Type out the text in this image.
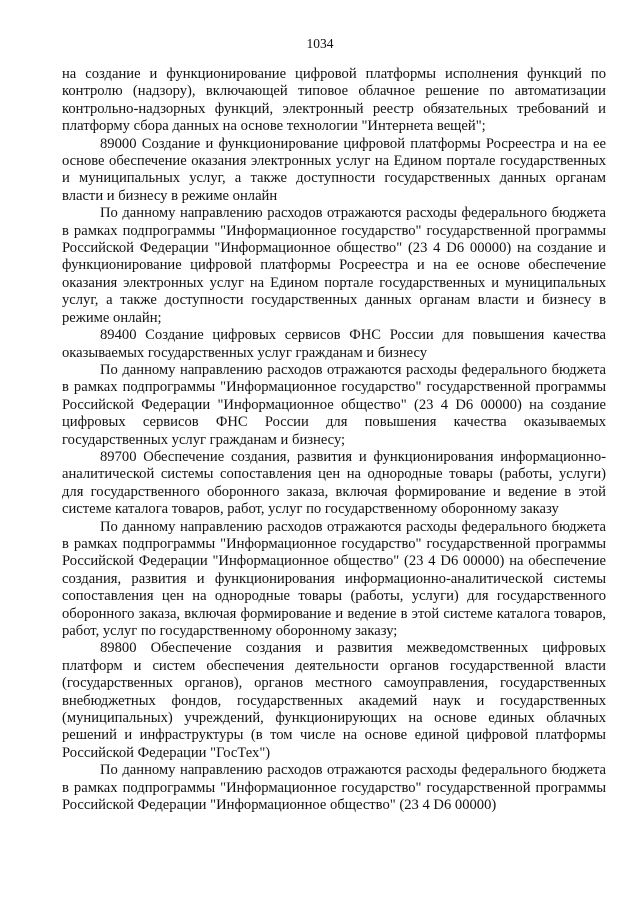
1034

на создание и функционирование цифровой платформы исполнения функций по контролю (надзору), включающей типовое облачное решение по автоматизации контрольно-надзорных функций, электронный реестр обязательных требований и платформу сбора данных на основе технологии "Интернета вещей";

89000 Создание и функционирование цифровой платформы Росреестра и на ее основе обеспечение оказания электронных услуг на Едином портале государственных и муниципальных услуг, а также доступности государственных данных органам власти и бизнесу в режиме онлайн

По данному направлению расходов отражаются расходы федерального бюджета в рамках подпрограммы "Информационное государство" государственной программы Российской Федерации "Информационное общество" (23 4 D6 00000) на создание и функционирование цифровой платформы Росреестра и на ее основе обеспечение оказания электронных услуг на Едином портале государственных и муниципальных услуг, а также доступности государственных данных органам власти и бизнесу в режиме онлайн;

89400 Создание цифровых сервисов ФНС России для повышения качества оказываемых государственных услуг гражданам и бизнесу

По данному направлению расходов отражаются расходы федерального бюджета в рамках подпрограммы "Информационное государство" государственной программы Российской Федерации "Информационное общество" (23 4 D6 00000) на создание цифровых сервисов ФНС России для повышения качества оказываемых государственных услуг гражданам и бизнесу;

89700 Обеспечение создания, развития и функционирования информационно-аналитической системы сопоставления цен на однородные товары (работы, услуги) для государственного оборонного заказа, включая формирование и ведение в этой системе каталога товаров, работ, услуг по государственному оборонному заказу

По данному направлению расходов отражаются расходы федерального бюджета в рамках подпрограммы "Информационное государство" государственной программы Российской Федерации "Информационное общество" (23 4 D6 00000) на обеспечение создания, развития и функционирования информационно-аналитической системы сопоставления цен на однородные товары (работы, услуги) для государственного оборонного заказа, включая формирование и ведение в этой системе каталога товаров, работ, услуг по государственному оборонному заказу;

89800 Обеспечение создания и развития межведомственных цифровых платформ и систем обеспечения деятельности органов государственной власти (государственных органов), органов местного самоуправления, государственных внебюджетных фондов, государственных академий наук и государственных (муниципальных) учреждений, функционирующих на основе единых облачных решений и инфраструктуры (в том числе на основе единой цифровой платформы Российской Федерации "ГосТех")

По данному направлению расходов отражаются расходы федерального бюджета в рамках подпрограммы "Информационное государство" государственной программы Российской Федерации "Информационное общество" (23 4 D6 00000)
